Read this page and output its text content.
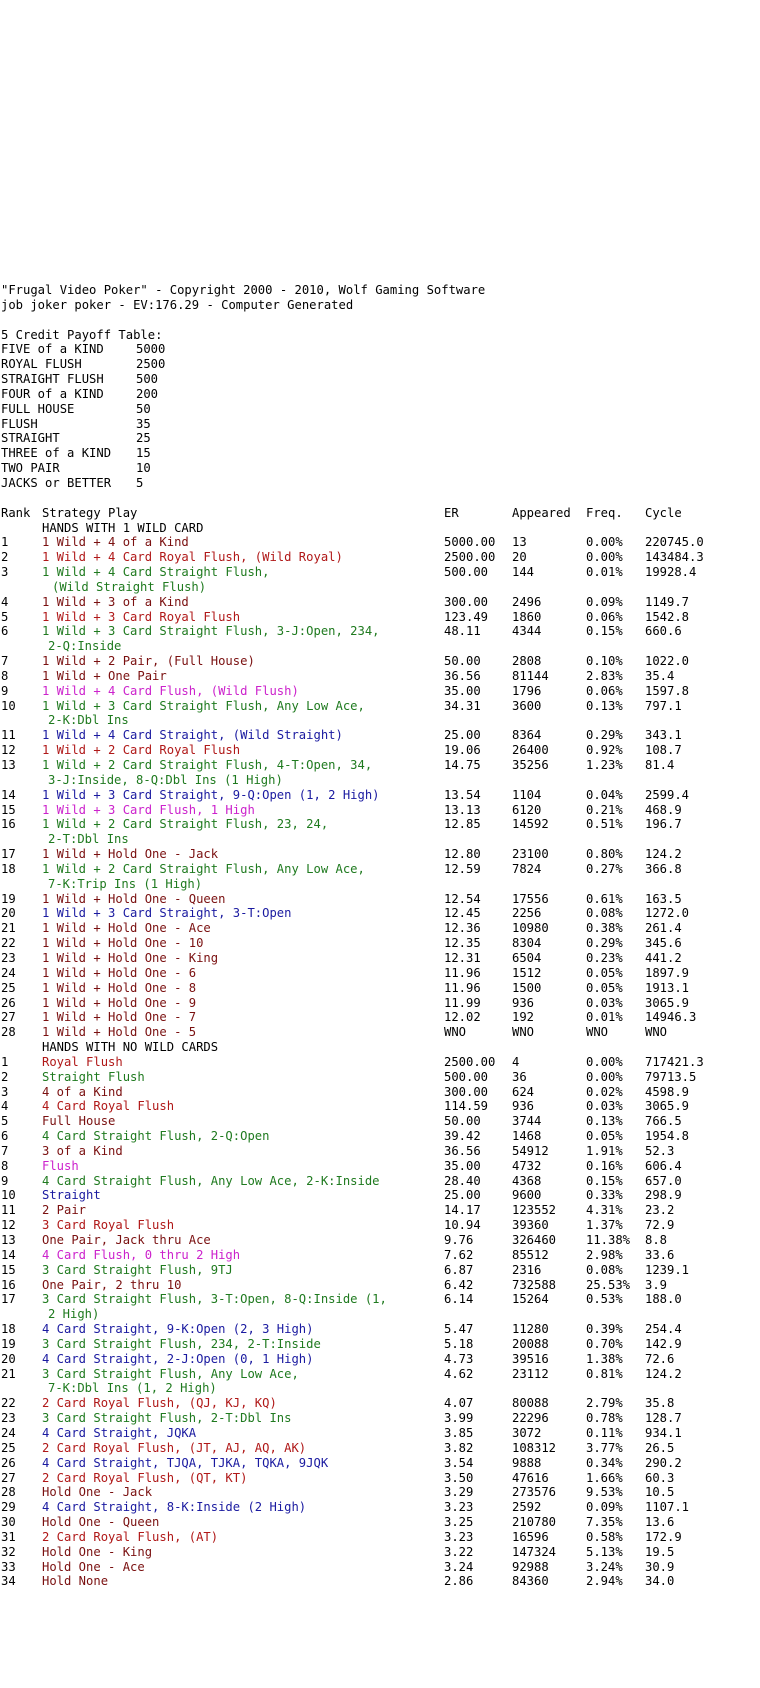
"Frugal Video Poker" - Copyright 2000 - 2010, Wolf Gaming Software
job joker poker - EV:176.29 - Computer Generated
5 Credit Payoff Table:
FIVE of a KIND	5000
ROYAL FLUSH	2500
STRAIGHT FLUSH	500
FOUR of a KIND	200
FULL HOUSE	50
FLUSH	35
STRAIGHT	25
THREE of a KIND 15
TWO PAIR	10
JACKS or BETTER 5
Rank Strategy Play	ER	Appeared Freq. Cycle
HANDS WITH 1 WILD CARD
1	1 Wild + 4 of a Kind	5000.00 13	0.00% 220745.0
2	1 Wild + 4 Card Royal Flush, (Wild Royal)	2500.00 20	0.00% 143484.3
3	1 Wild + 4 Card Straight Flush,	500.00 144	0.01% 19928.4
(Wild Straight Flush)
4	1 Wild + 3 of a Kind	300.00 2496	0.09% 1149.7
5	1 Wild + 3 Card Royal Flush	123.49 1860	0.06% 1542.8
6	1 Wild + 3 Card Straight Flush, 3-J:Open, 234,	48.11	4344	0.15% 660.6
2-Q:Inside
7	1 Wild + 2 Pair, (Full House)	50.00	2808	0.10% 1022.0
8	1 Wild + One Pair	36.56	81144	2.83% 35.4
9	1 Wild + 4 Card Flush, (Wild Flush)	35.00	1796	0.06% 1597.8
10 1 Wild + 3 Card Straight Flush, Any Low Ace,	34.31	3600	0.13% 797.1
2-K:Dbl Ins
11 1 Wild + 4 Card Straight, (Wild Straight)	25.00	8364	0.29% 343.1
12 1 Wild + 2 Card Royal Flush	19.06	26400	0.92% 108.7
13 1 Wild + 2 Card Straight Flush, 4-T:Open, 34,	14.75	35256	1.23% 81.4
3-J:Inside, 8-Q:Dbl Ins (1 High)
14 1 Wild + 3 Card Straight, 9-Q:Open (1, 2 High)	13.54	1104	0.04% 2599.4
15 1 Wild + 3 Card Flush, 1 High	13.13	6120	0.21% 468.9
16 1 Wild + 2 Card Straight Flush, 23, 24,	12.85	14592	0.51% 196.7
2-T:Dbl Ins
17 1 Wild + Hold One - Jack	12.80	23100	0.80% 124.2
18 1 Wild + 2 Card Straight Flush, Any Low Ace,	12.59	7824	0.27% 366.8
7-K:Trip Ins (1 High)
19 1 Wild + Hold One - Queen	12.54	17556	0.61% 163.5
20 1 Wild + 3 Card Straight, 3-T:Open	12.45	2256	0.08% 1272.0
21 1 Wild + Hold One - Ace	12.36	10980	0.38% 261.4
22 1 Wild + Hold One - 10	12.35	8304	0.29% 345.6
23 1 Wild + Hold One - King	12.31	6504	0.23% 441.2
24 1 Wild + Hold One - 6	11.96	1512	0.05% 1897.9
25 1 Wild + Hold One - 8	11.96	1500	0.05% 1913.1
26 1 Wild + Hold One - 9	11.99	936	0.03% 3065.9
27 1 Wild + Hold One - 7	12.02	192	0.01% 14946.3
28 1 Wild + Hold One - 5	WNO	WNO	WNO	WNO
HANDS WITH NO WILD CARDS
1	Royal Flush	2500.00 4	0.00% 717421.3
2	Straight Flush	500.00 36	0.00% 79713.5
3	4 of a Kind	300.00 624	0.02% 4598.9
4	4 Card Royal Flush	114.59 936	0.03% 3065.9
5	Full House	50.00	3744	0.13% 766.5
6	4 Card Straight Flush, 2-Q:Open	39.42	1468	0.05% 1954.8
7	3 of a Kind	36.56	54912	1.91% 52.3
8	Flush	35.00	4732	0.16% 606.4
9	4 Card Straight Flush, Any Low Ace, 2-K:Inside	28.40	4368	0.15% 657.0
10 Straight	25.00	9600	0.33% 298.9
11 2 Pair	14.17	123552 4.31% 23.2
12 3 Card Royal Flush	10.94	39360	1.37% 72.9
13 One Pair, Jack thru Ace	9.76	326460 11.38% 8.8
14 4 Card Flush, 0 thru 2 High	7.62	85512	2.98% 33.6
15 3 Card Straight Flush, 9TJ	6.87	2316	0.08% 1239.1
16 One Pair, 2 thru 10	6.42	732588 25.53% 3.9
17 3 Card Straight Flush, 3-T:Open, 8-Q:Inside (1,	6.14	15264	0.53% 188.0
2 High)
18 4 Card Straight, 9-K:Open (2, 3 High)	5.47	11280	0.39% 254.4
19 3 Card Straight Flush, 234, 2-T:Inside	5.18	20088	0.70% 142.9
20 4 Card Straight, 2-J:Open (0, 1 High)	4.73	39516	1.38% 72.6
21 3 Card Straight Flush, Any Low Ace,	4.62	23112	0.81% 124.2
7-K:Dbl Ins (1, 2 High)
22 2 Card Royal Flush, (QJ, KJ, KQ)	4.07	80088	2.79% 35.8
23 3 Card Straight Flush, 2-T:Dbl Ins	3.99	22296	0.78% 128.7
24 4 Card Straight, JQKA	3.85	3072	0.11% 934.1
25 2 Card Royal Flush, (JT, AJ, AQ, AK)	3.82	108312 3.77% 26.5
26 4 Card Straight, TJQA, TJKA, TQKA, 9JQK	3.54	9888	0.34% 290.2
27 2 Card Royal Flush, (QT, KT)	3.50	47616	1.66% 60.3
28 Hold One - Jack	3.29	273576 9.53% 10.5
29 4 Card Straight, 8-K:Inside (2 High)	3.23	2592	0.09% 1107.1
30 Hold One - Queen	3.25	210780 7.35% 13.6
31 2 Card Royal Flush, (AT)	3.23	16596	0.58% 172.9
32 Hold One - King	3.22	147324 5.13% 19.5
33 Hold One - Ace	3.24	92988	3.24% 30.9
34 Hold None	2.86	84360	2.94% 34.0
